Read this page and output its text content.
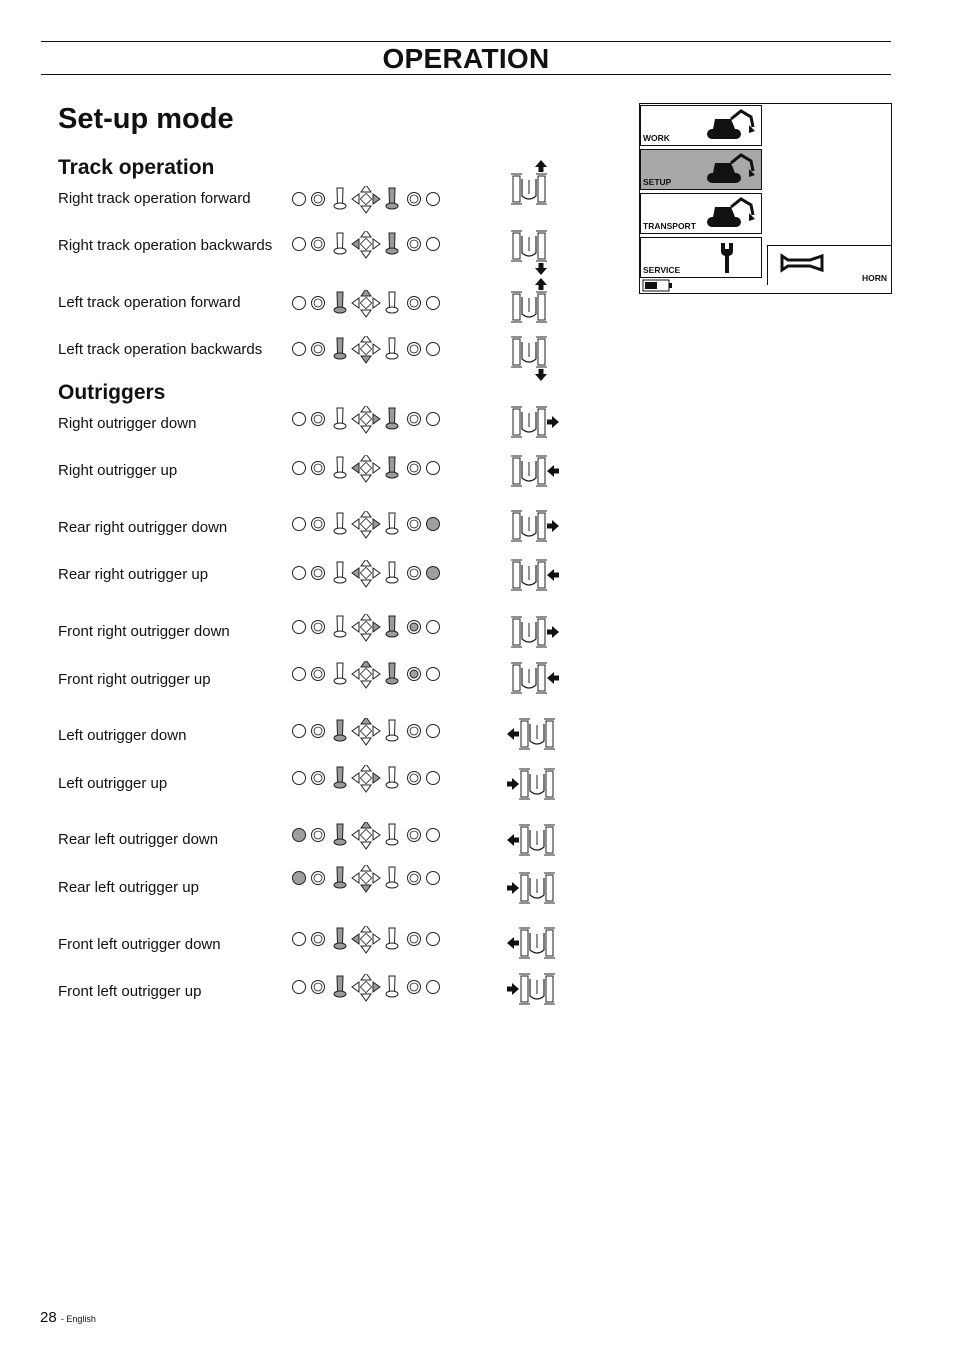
OPERATION
Set-up mode
Track operation
Outriggers
Right track operation forward
Right track operation backwards
Left track operation forward
Left track operation backwards
Right outrigger down
Right outrigger up
Rear right outrigger down
Rear right outrigger up
Front right outrigger down
Front right outrigger up
Left outrigger down
Left outrigger up
Rear left outrigger down
Rear left outrigger up
Front left outrigger down
Front left outrigger up
WORK
SETUP
TRANSPORT
SERVICE
HORN
28 - English
